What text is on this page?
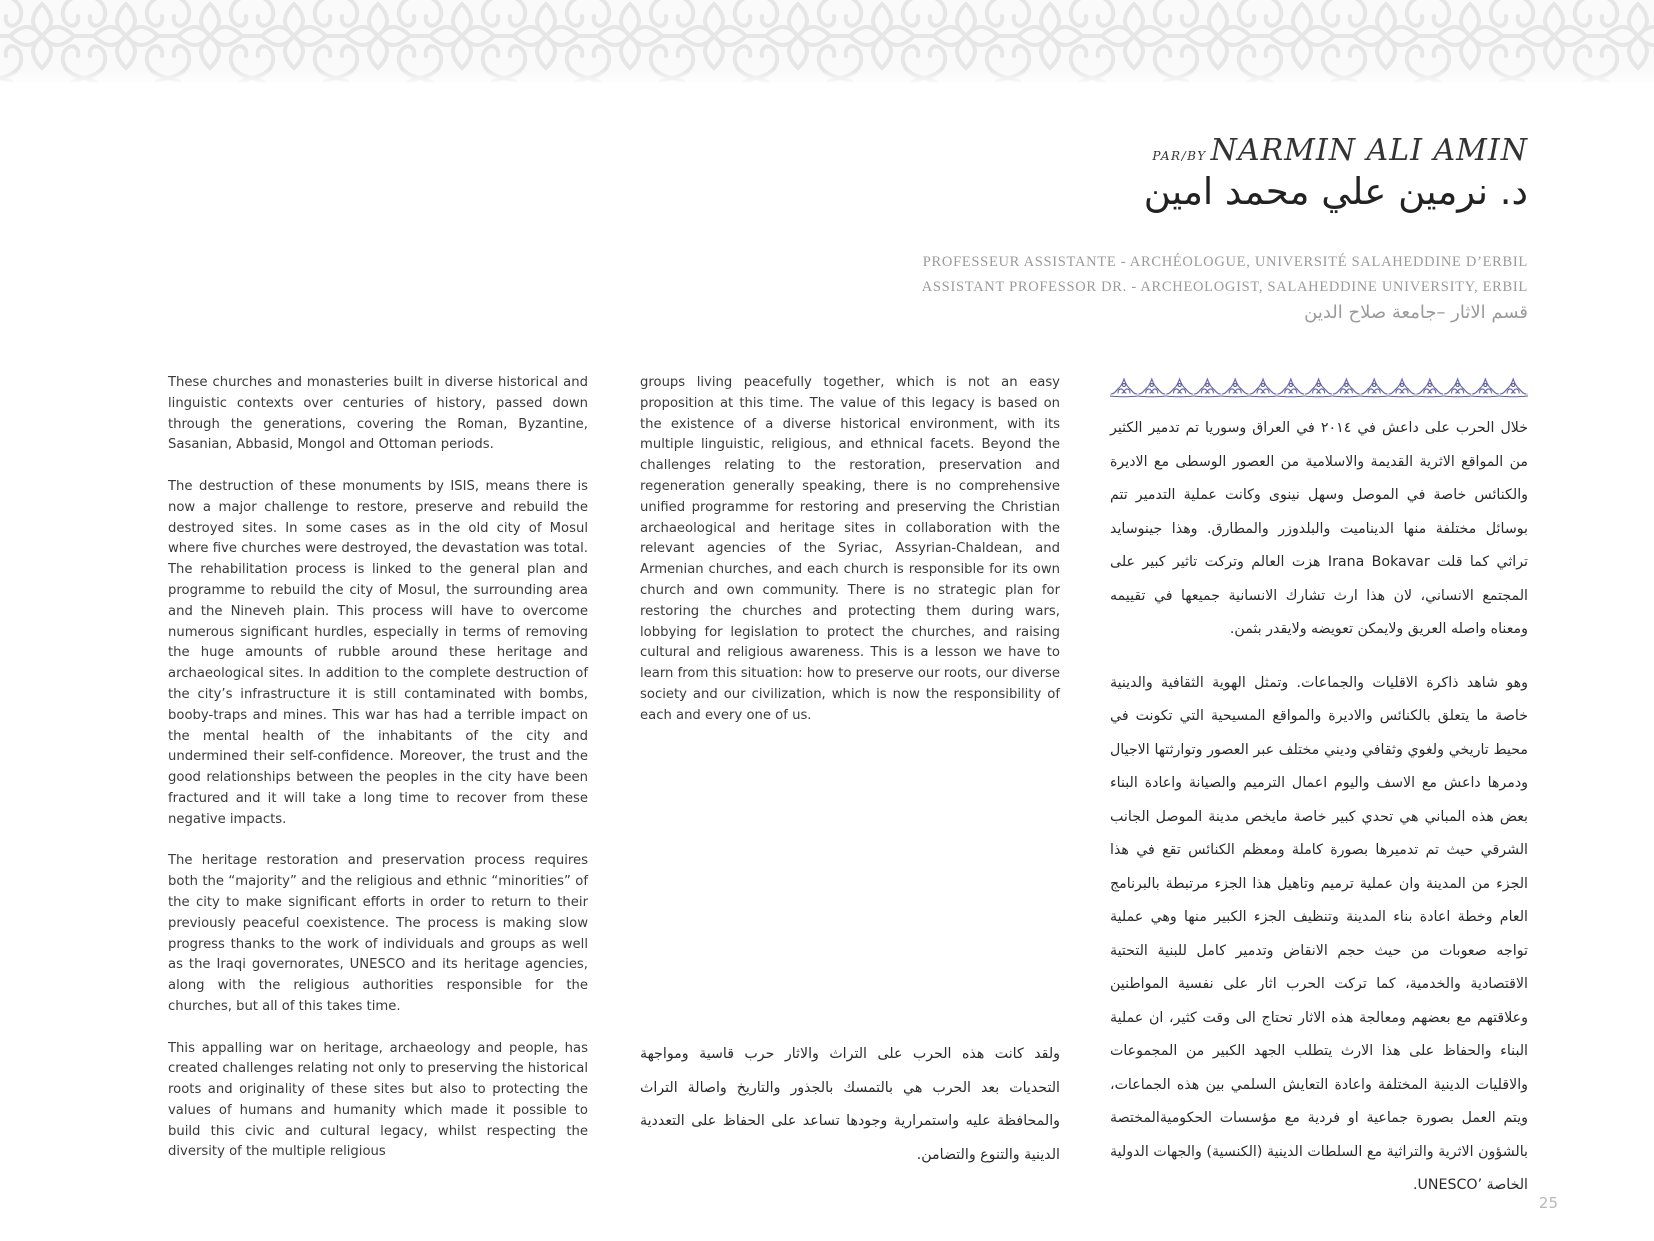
PAR/BY NARMIN ALI AMIN
د. نرمين علي محمد امين
PROFESSEUR ASSISTANTE - ARCHÉOLOGUE, UNIVERSITÉ SALAHEDDINE D’ERBIL
ASSISTANT PROFESSOR DR. - ARCHEOLOGIST, SALAHEDDINE UNIVERSITY, ERBIL
قسم الاثار –جامعة صلاح الدين

These churches and monasteries built in diverse historical and linguistic contexts over centuries of history, passed down through the generations, covering the Roman, Byzantine, Sasanian, Abbasid, Mongol and Ottoman periods.

The destruction of these monuments by ISIS, means there is now a major challenge to restore, preserve and rebuild the destroyed sites. In some cases as in the old city of Mosul where five churches were destroyed, the devastation was total. The rehabilitation process is linked to the general plan and programme to rebuild the city of Mosul, the surrounding area and the Nineveh plain. This process will have to overcome numerous significant hurdles, especially in terms of removing the huge amounts of rubble around these heritage and archaeological sites. In addition to the complete destruction of the city’s infrastructure it is still contaminated with bombs, booby-traps and mines. This war has had a terrible impact on the mental health of the inhabitants of the city and undermined their self-confidence. Moreover, the trust and the good relationships between the peoples in the city have been fractured and it will take a long time to recover from these negative impacts.

The heritage restoration and preservation process requires both the “majority” and the religious and ethnic “minorities” of the city to make significant efforts in order to return to their previously peaceful coexistence. The process is making slow progress thanks to the work of individuals and groups as well as the Iraqi governorates, UNESCO and its heritage agencies, along with the religious authorities responsible for the churches, but all of this takes time.

This appalling war on heritage, archaeology and people, has created challenges relating not only to preserving the historical roots and originality of these sites but also to protecting the values of humans and humanity which made it possible to build this civic and cultural legacy, whilst respecting the diversity of the multiple religious

groups living peacefully together, which is not an easy proposition at this time. The value of this legacy is based on the existence of a diverse historical environment, with its multiple linguistic, religious, and ethnical facets. Beyond the challenges relating to the restoration, preservation and regeneration generally speaking, there is no comprehensive unified programme for restoring and preserving the Christian archaeological and heritage sites in collaboration with the relevant agencies of the Syriac, Assyrian-Chaldean, and Armenian churches, and each church is responsible for its own church and own community. There is no strategic plan for restoring the churches and protecting them during wars, lobbying for legislation to protect the churches, and raising cultural and religious awareness. This is a lesson we have to learn from this situation: how to preserve our roots, our diverse society and our civilization, which is now the responsibility of each and every one of us.

ولقد كانت هذه الحرب على التراث والاثار حرب قاسية ومواجهة التحديات بعد الحرب هي بالتمسك بالجذور والتاريخ واصالة التراث والمحافظة عليه واستمرارية وجودها تساعد على الحفاظ على التعددية الدينية والتنوع والتضامن.

خلال الحرب على داعش في ٢٠١٤ في العراق وسوريا تم تدمير الكثير من المواقع الاثرية القديمة والاسلامية من العصور الوسطى مع الاديرة والكنائس خاصة في الموصل وسهل نينوى وكانت عملية التدمير تتم بوسائل مختلفة منها الديناميت والبلدوزر والمطارق. وهذا جينوسايد تراثي كما قلت Irana Bokavar هزت العالم وتركت تاثير كبير على المجتمع الانساني، لان هذا ارث تشارك الانسانية جميعها في تقييمه ومعناه واصله العريق ولايمكن تعويضه ولايقدر بثمن.

وهو شاهد ذاكرة الاقليات والجماعات. وتمثل الهوية الثقافية والدينية خاصة ما يتعلق بالكنائس والاديرة والمواقع المسيحية التي تكونت في محيط تاريخي ولغوي وثقافي وديني مختلف عبر العصور وتوارثتها الاجيال ودمرها داعش مع الاسف واليوم اعمال الترميم والصيانة واعادة البناء بعض هذه المباني هي تحدي كبير خاصة مايخص مدينة الموصل الجانب الشرقي حيث تم تدميرها بصورة كاملة ومعظم الكنائس تقع في هذا الجزء من المدينة وان عملية ترميم وتاهيل هذا الجزء مرتبطة بالبرنامج العام وخطة اعادة بناء المدينة وتنظيف الجزء الكبير منها وهي عملية تواجه صعوبات من حيث حجم الانقاض وتدمير كامل للبنية التحتية الاقتصادية والخدمية، كما تركت الحرب اثار على نفسية المواطنين وعلاقتهم مع بعضهم ومعالجة هذه الاثار تحتاج الى وقت كثير، ان عملية البناء والحفاظ على هذا الارث يتطلب الجهد الكبير من المجموعات والاقليات الدينية المختلفة واعادة التعايش السلمي بين هذه الجماعات، ويتم العمل بصورة جماعية او فردية مع مؤسسات الحكوميةالمختصة بالشؤون الاثرية والتراثية مع السلطات الدينية (الكنسية) والجهات الدولية الخاصة ’UNESCO.

25
